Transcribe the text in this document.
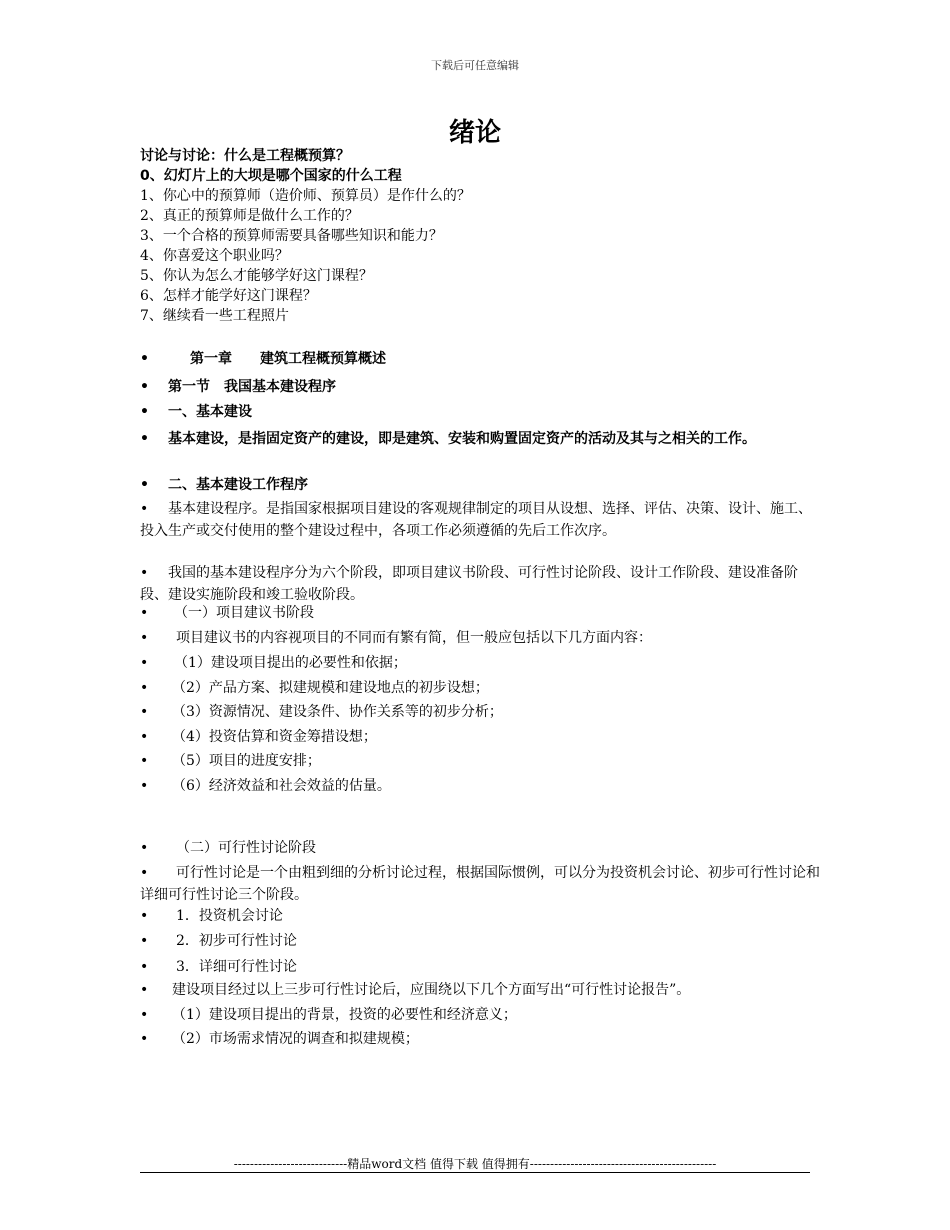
下载后可任意编辑
绪论
讨论与讨论：什么是工程概预算？
0、幻灯片上的大坝是哪个国家的什么工程
1、你心中的预算师（造价师、预算员）是作什么的？
2、真正的预算师是做什么工作的？
3、一个合格的预算师需要具备哪些知识和能力？
4、你喜爱这个职业吗？
5、你认为怎么才能够学好这门课程？
6、怎样才能学好这门课程？
7、继续看一些工程照片
•	第一章　　建筑工程概预算概述
• 第一节　我国基本建设程序
• 一、基本建设
• 基本建设，是指固定资产的建设，即是建筑、安装和购置固定资产的活动及其与之相关的工作。
• 二、基本建设工作程序
• 基本建设程序。是指国家根据项目建设的客观规律制定的项目从设想、选择、评估、决策、设计、施工、投入生产或交付使用的整个建设过程中，各项工作必须遵循的先后工作次序。
• 我国的基本建设程序分为六个阶段，即项目建议书阶段、可行性讨论阶段、设计工作阶段、建设准备阶段、建设实施阶段和竣工验收阶段。
• （一）项目建议书阶段
• 项目建议书的内容视项目的不同而有繁有简，但一般应包括以下几方面内容：
• （1）建设项目提出的必要性和依据；
• （2）产品方案、拟建规模和建设地点的初步设想；
• （3）资源情况、建设条件、协作关系等的初步分析；
• （4）投资估算和资金筹措设想；
• （5）项目的进度安排；
• （6）经济效益和社会效益的估量。
• （二）可行性讨论阶段
• 可行性讨论是一个由粗到细的分析讨论过程，根据国际惯例，可以分为投资机会讨论、初步可行性讨论和详细可行性讨论三个阶段。
• 1．投资机会讨论
• 2．初步可行性讨论
• 3．详细可行性讨论
• 建设项目经过以上三步可行性讨论后，应围绕以下几个方面写出“可行性讨论报告”。
• （1）建设项目提出的背景，投资的必要性和经济意义；
• （2）市场需求情况的调查和拟建规模；
----------------------------精品word文档 值得下载 值得拥有----------------------------------------------
